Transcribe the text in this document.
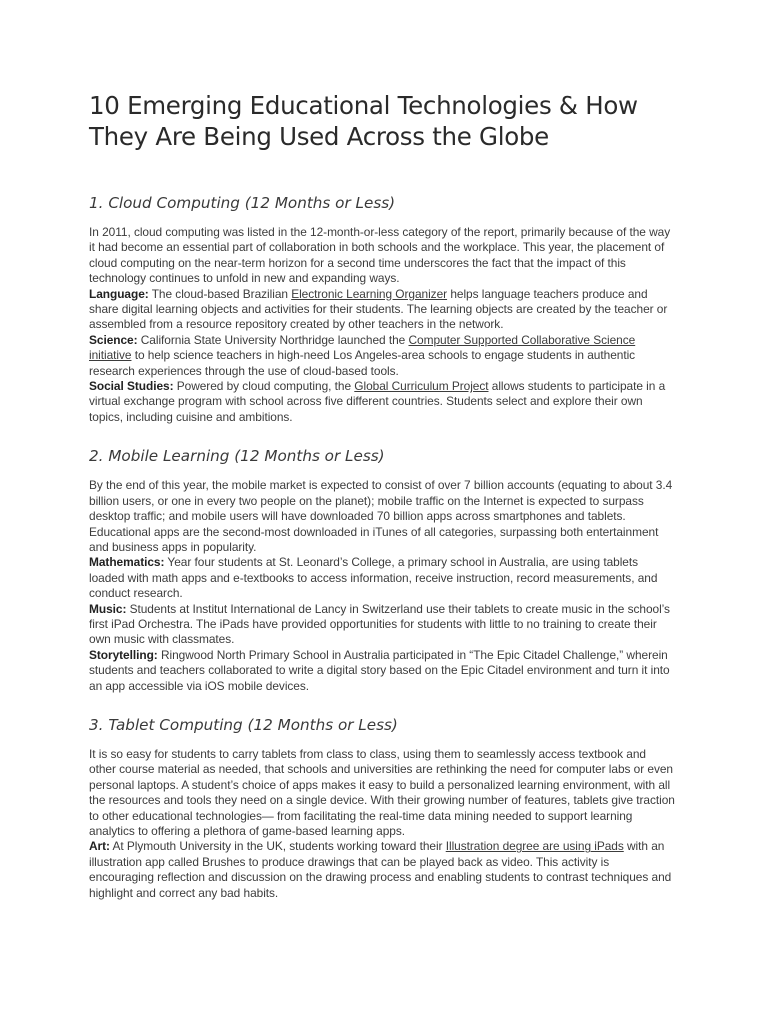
10 Emerging Educational Technologies & How They Are Being Used Across the Globe
1. Cloud Computing (12 Months or Less)

In 2011, cloud computing was listed in the 12-month-or-less category of the report, primarily because of the way it had become an essential part of collaboration in both schools and the workplace. This year, the placement of cloud computing on the near-term horizon for a second time underscores the fact that the impact of this technology continues to unfold in new and expanding ways.

Language: The cloud-based Brazilian Electronic Learning Organizer helps language teachers produce and share digital learning objects and activities for their students. The learning objects are created by the teacher or assembled from a resource repository created by other teachers in the network.

Science: California State University Northridge launched the Computer Supported Collaborative Science initiative to help science teachers in high-need Los Angeles-area schools to engage students in authentic research experiences through the use of cloud-based tools.

Social Studies: Powered by cloud computing, the Global Curriculum Project allows students to participate in a virtual exchange program with school across five different countries. Students select and explore their own topics, including cuisine and ambitions.

2. Mobile Learning (12 Months or Less)

By the end of this year, the mobile market is expected to consist of over 7 billion accounts (equating to about 3.4 billion users, or one in every two people on the planet); mobile traffic on the Internet is expected to surpass desktop traffic; and mobile users will have downloaded 70 billion apps across smartphones and tablets. Educational apps are the second-most downloaded in iTunes of all categories, surpassing both entertainment and business apps in popularity.

Mathematics: Year four students at St. Leonard’s College, a primary school in Australia, are using tablets loaded with math apps and e-textbooks to access information, receive instruction, record measurements, and conduct research.

Music: Students at Institut International de Lancy in Switzerland use their tablets to create music in the school’s first iPad Orchestra. The iPads have provided opportunities for students with little to no training to create their own music with classmates.

Storytelling: Ringwood North Primary School in Australia participated in “The Epic Citadel Challenge,” wherein students and teachers collaborated to write a digital story based on the Epic Citadel environment and turn it into an app accessible via iOS mobile devices.

3. Tablet Computing (12 Months or Less)

It is so easy for students to carry tablets from class to class, using them to seamlessly access textbook and other course material as needed, that schools and universities are rethinking the need for computer labs or even personal laptops. A student’s choice of apps makes it easy to build a personalized learning environment, with all the resources and tools they need on a single device. With their growing number of features, tablets give traction to other educational technologies— from facilitating the real-time data mining needed to support learning analytics to offering a plethora of game-based learning apps.

Art: At Plymouth University in the UK, students working toward their Illustration degree are using iPads with an illustration app called Brushes to produce drawings that can be played back as video. This activity is encouraging reflection and discussion on the drawing process and enabling students to contrast techniques and highlight and correct any bad habits.
